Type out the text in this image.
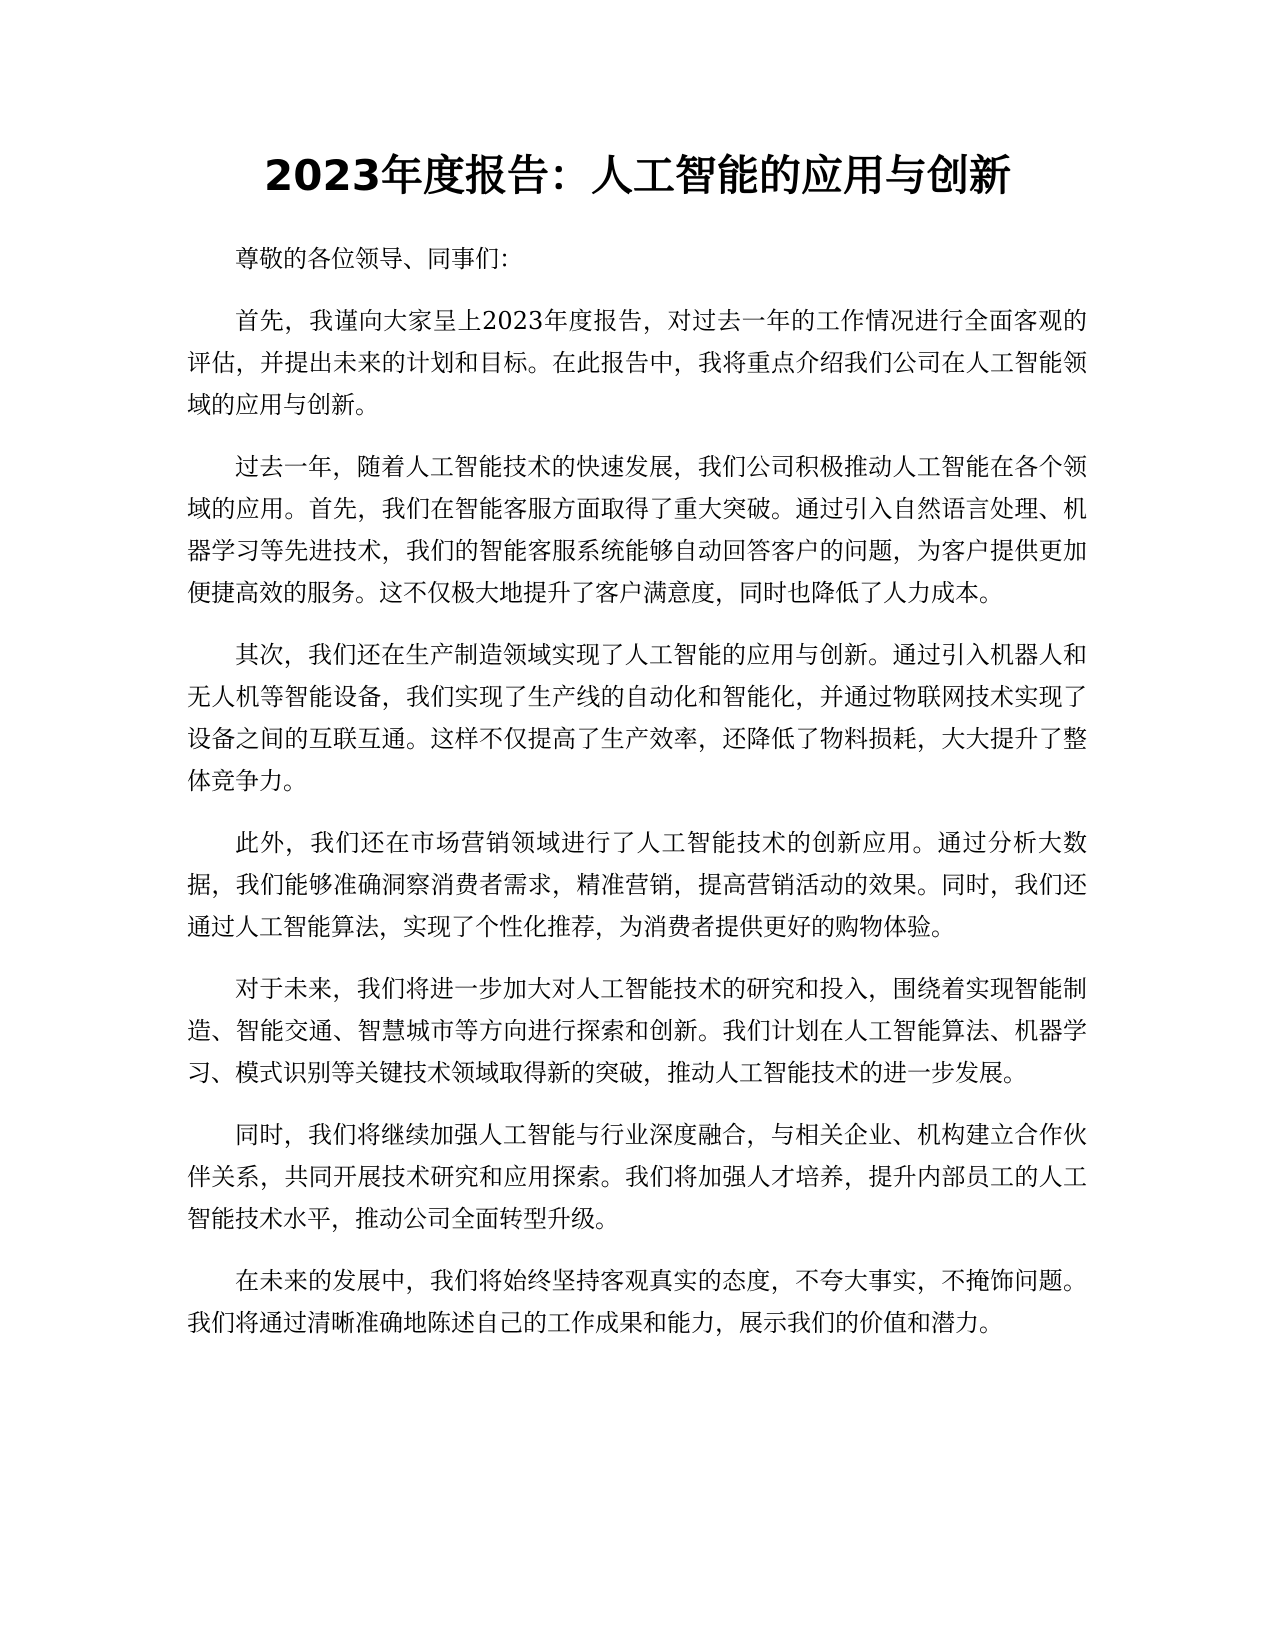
2023年度报告：人工智能的应用与创新

尊敬的各位领导、同事们：

首先，我谨向大家呈上2023年度报告，对过去一年的工作情况进行全面客观的评估，并提出未来的计划和目标。在此报告中，我将重点介绍我们公司在人工智能领域的应用与创新。

过去一年，随着人工智能技术的快速发展，我们公司积极推动人工智能在各个领域的应用。首先，我们在智能客服方面取得了重大突破。通过引入自然语言处理、机器学习等先进技术，我们的智能客服系统能够自动回答客户的问题，为客户提供更加便捷高效的服务。这不仅极大地提升了客户满意度，同时也降低了人力成本。

其次，我们还在生产制造领域实现了人工智能的应用与创新。通过引入机器人和无人机等智能设备，我们实现了生产线的自动化和智能化，并通过物联网技术实现了设备之间的互联互通。这样不仅提高了生产效率，还降低了物料损耗，大大提升了整体竞争力。

此外，我们还在市场营销领域进行了人工智能技术的创新应用。通过分析大数据，我们能够准确洞察消费者需求，精准营销，提高营销活动的效果。同时，我们还通过人工智能算法，实现了个性化推荐，为消费者提供更好的购物体验。

对于未来，我们将进一步加大对人工智能技术的研究和投入，围绕着实现智能制造、智能交通、智慧城市等方向进行探索和创新。我们计划在人工智能算法、机器学习、模式识别等关键技术领域取得新的突破，推动人工智能技术的进一步发展。

同时，我们将继续加强人工智能与行业深度融合，与相关企业、机构建立合作伙伴关系，共同开展技术研究和应用探索。我们将加强人才培养，提升内部员工的人工智能技术水平，推动公司全面转型升级。

在未来的发展中，我们将始终坚持客观真实的态度，不夸大事实，不掩饰问题。我们将通过清晰准确地陈述自己的工作成果和能力，展示我们的价值和潜力。
